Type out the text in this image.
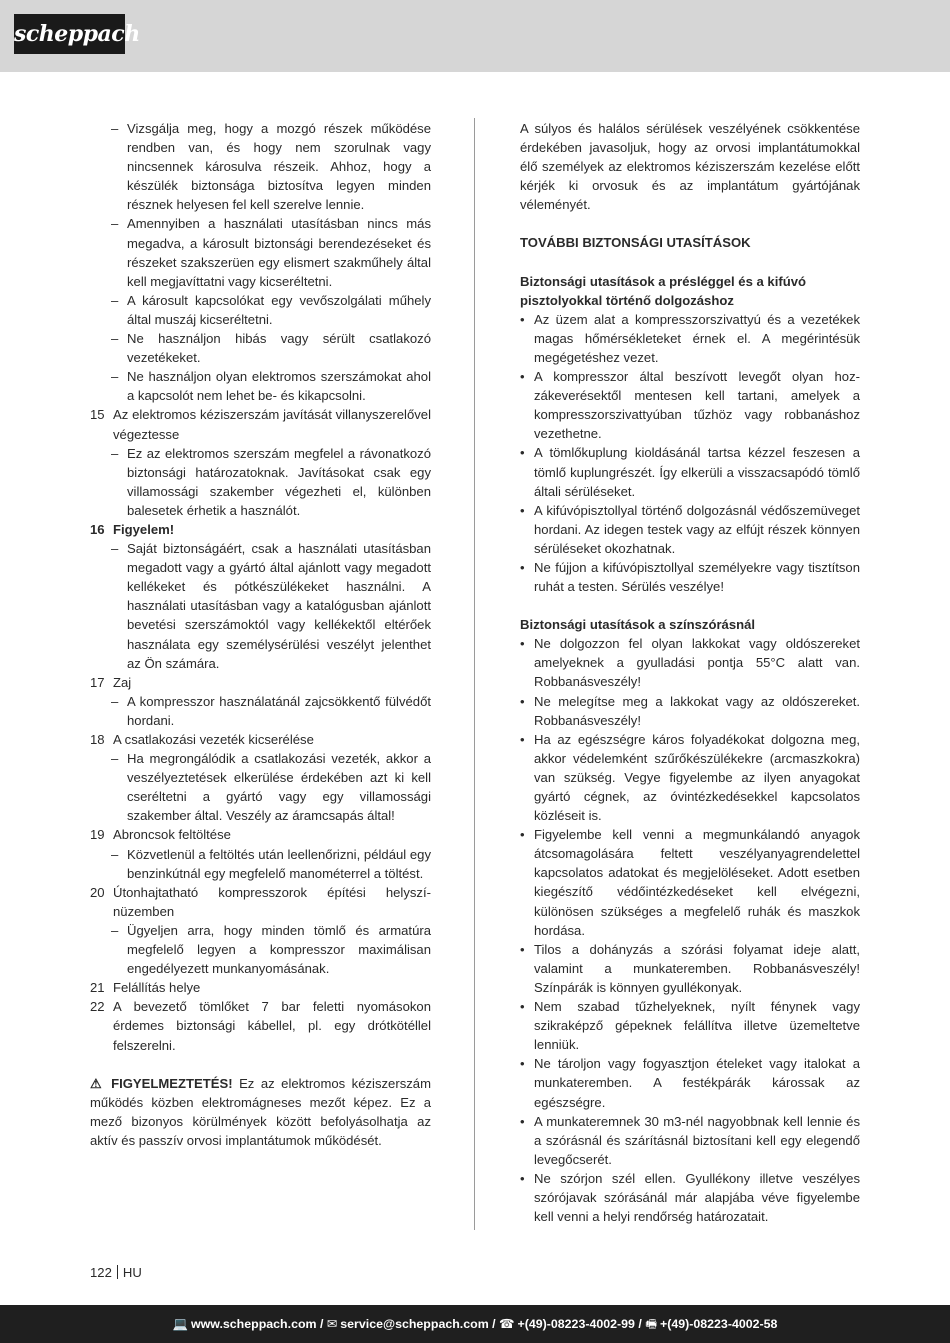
scheppach
– Vizsgálja meg, hogy a mozgó részek működése rendben van, és hogy nem szorulnak vagy nincsennek károsulva részeik. Ahhoz, hogy a készülék biztonsága biztosítva legyen minden résznek helyesen fel kell szerelve lennie.
– Amennyiben a használati utasításban nincs más megadva, a károsult biztonsági berendezéseket és részeket szakszerüen egy elismert szakműhely által kell megjavíttatni vagy kicseréltetni.
– A károsult kapcsolókat egy vevőszolgálati műhely által muszáj kicseréltetni.
– Ne használjon hibás vagy sérült csatlakozó vezetékeket.
– Ne használjon olyan elektromos szerszámokat ahol a kapcsolót nem lehet be- és kikapcsolni.
15 Az elektromos kéziszerszám javítását villanyszerelővel végeztesse
– Ez az elektromos szerszám megfelel a rávonatkozó biztonsági határozatoknak. Javításokat csak egy villamossági szakember végezheti el, különben balesetek érhetik a használót.
16 Figyelem!
– Saját biztonságáért, csak a használati utasításban megadott vagy a gyártó által ajánlott vagy megadott kellékeket és pótkészülékeket használni. A használati utasításban vagy a katalógusban ajánlott bevetési szerszámoktól vagy kellékektől eltérőek használata egy személysérülési veszélyt jelenthet az Ön számára.
17 Zaj
– A kompresszor használatánál zajcsökkentő fülvédőt hordani.
18 A csatlakozási vezeték kicserélése
– Ha megrongálódik a csatlakozási vezeték, akkor a veszélyeztetések elkerülése érdekében azt ki kell cseréltetni a gyártó vagy egy villamossági szakember által. Veszély az áramcsapás által!
19 Abroncsok feltöltése
– Közvetlenül a feltöltés után leellenőrizni, például egy benzinkútnál egy megfelelő manométerrel a töltést.
20 Útonhajtatható kompresszorok építési helyszínüzemben
– Ügyeljen arra, hogy minden tömlő és armatúra megfelelő legyen a kompresszor maximálisan engedélyezett munkanyomásának.
21 Felállítás helye
22 A bevezető tömlőket 7 bar feletti nyomásokon érdemes biztonsági kábellel, pl. egy drótkötéllel felszerelni.

⚠ FIGYELMEZTETÉS! Ez az elektromos kéziszerszám működés közben elektromágneses mezőt képez. Ez a mező bizonyos körülmények között befolyásolhatja az aktív és passzív orvosi implantátumok működését.

A súlyos és halálos sérülések veszélyének csökkentése érdekében javasoljuk, hogy az orvosi implantátumokkal élő személyek az elektromos kéziszerszám kezelése előtt kérjék ki orvosuk és az implantátum gyártójának véleményét.

TOVÁBBI BIZTONSÁGI UTASÍTÁSOK

Biztonsági utasítások a présléggel és a kifúvó pisztolyokkal történő dolgozáshoz

• Az üzem alat a kompresszorszivattyú és a vezetékek magas hőmérsékleteket érnek el. A megérintésük megégetéshez vezet.
• A kompresszor által beszívott levegőt olyan hozzákeverésektől mentesen kell tartani, amelyek a kompresszorszivattyúban tűzhöz vagy robbanáshoz vezethetne.
• A tömlőkuplung kioldásánál tartsa kézzel feszesen a tömlő kuplungrészét. Így elkerüli a visszacsapódó tömlő általi sérüléseket.
• A kifúvópisztollyal történő dolgozásnál védőszemüveget hordani. Az idegen testek vagy az elfújt részek könnyen sérüléseket okozhatnak.
• Ne fújjon a kifúvópisztollyal személyekre vagy tisztítson ruhát a testen. Sérülés veszélye!

Biztonsági utasítások a színszórásnál

• Ne dolgozzon fel olyan lakkokat vagy oldószereket amelyeknek a gyulladási pontja 55°C alatt van. Robbanásveszély!
• Ne melegítse meg a lakkokat vagy az oldószereket. Robbanásveszély!
• Ha az egészségre káros folyadékokat dolgozna meg, akkor védelemként szűrőkészülékekre (arcmaszkokra) van szükség. Vegye figyelembe az ilyen anyagokat gyártó cégnek, az óvintézkedésekkel kapcsolatos közléseit is.
• Figyelembe kell venni a megmunkálandó anyagok átcsomagolására feltett veszélyanyagrendelettel kapcsolatos adatokat és megjelöléseket. Adott esetben kiegészítő védőintézkedéseket kell elvégezni, különösen szükséges a megfelelő ruhák és maszkok hordása.
• Tilos a dohányzás a szórási folyamat ideje alatt, valamint a munkateremben. Robbanásveszély! Színpárák is könnyen gyullékonyak.
• Nem szabad tűzhelyeknek, nyílt fénynek vagy szikraképző gépeknek felállítva illetve üzemeltetve lenniük.
• Ne tároljon vagy fogyasztjon ételeket vagy italokat a munkateremben. A festékpárák károssak az egészségre.
• A munkateremnek 30 m3-nél nagyobbnak kell lennie és a szórásnál és szárításnál biztosítani kell egy elegendő levegőcserét.
• Ne szórjon szél ellen. Gyullékony illetve veszélyes szórójavak szórásánál már alapjába véve figyelembe kell venni a helyi rendőrség határozatait.
122 HU
💻 www.scheppach.com / ✉ service@scheppach.com / ☎ +(49)-08223-4002-99 / 🖷 +(49)-08223-4002-58
